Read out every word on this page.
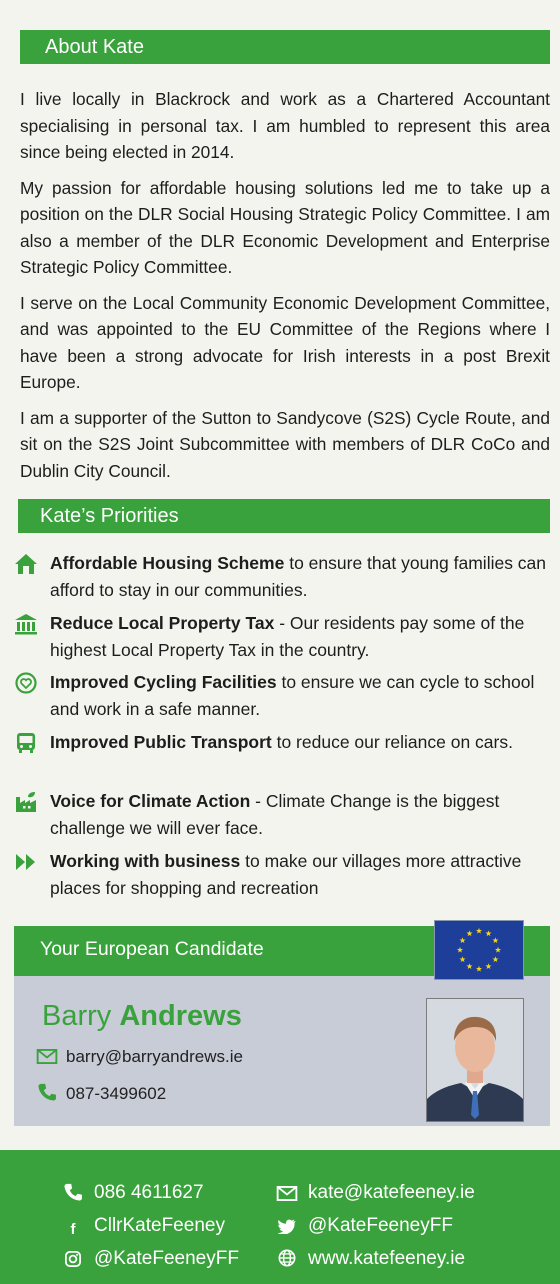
About Kate

I live locally in Blackrock and work as a Chartered Accountant specialising in personal tax. I am humbled to represent this area since being elected in 2014.

My passion for affordable housing solutions led me to take up a position on the DLR Social Housing Strategic Policy Committee. I am also a member of the DLR Economic Development and Enterprise Strategic Policy Committee.

I serve on the Local Community Economic Development Committee, and was appointed to the EU Committee of the Regions where I have been a strong advocate for Irish interests in a post Brexit Europe.

I am a supporter of the Sutton to Sandycove (S2S) Cycle Route, and sit on the S2S Joint Subcommittee with members of DLR CoCo and Dublin City Council.

Kate’s Priorities
Affordable Housing Scheme to ensure that young families can afford to stay in our communities.
Reduce Local Property Tax - Our residents pay some of the highest Local Property Tax in the country.
Improved Cycling Facilities to ensure we can cycle to school and work in a safe manner.
Improved Public Transport to reduce our reliance on cars.
Voice for Climate Action - Climate Change is the biggest challenge we will ever face.
Working with business to make our villages more attractive places for shopping and recreation
Your European Candidate
Barry Andrews
barry@barryandrews.ie
087-3499602
086 4611627	kate@katefeeney.ie
f CllrKateFeeney	@KateFeeneyFF
@KateFeeneyFF	www.katefeeney.ie
